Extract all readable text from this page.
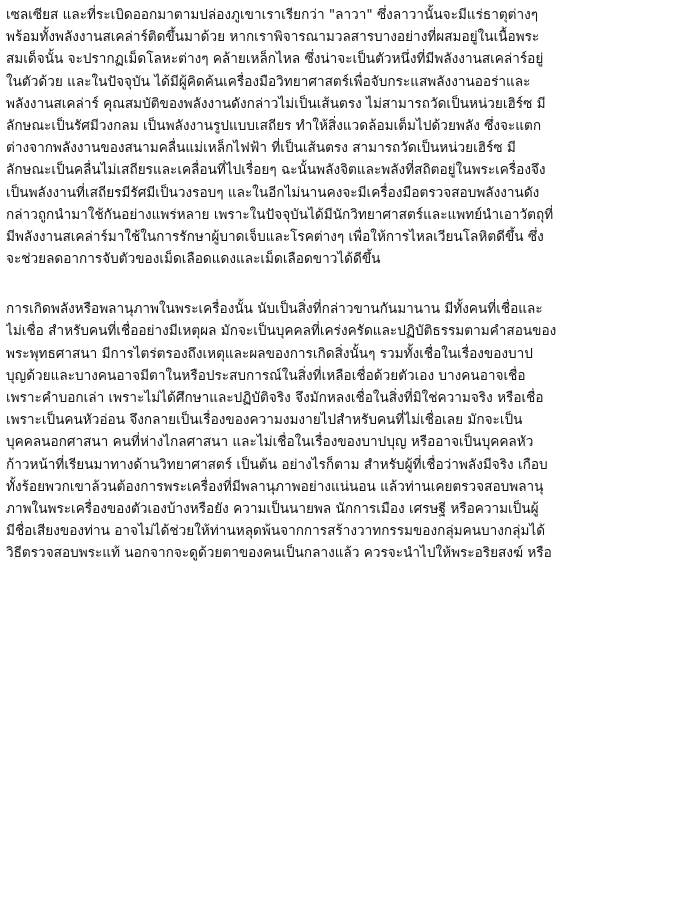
เซลเซียส และที่ระเบิดออกมาตามปล่องภูเขาเราเรียกว่า "ลาวา" ซึ่งลาวานั้นจะมีแร่ธาตุต่างๆ
พร้อมทั้งพลังงานสเคล่าร์ติดขึ้นมาด้วย หากเราพิจารณามวลสารบางอย่างที่ผสมอยู่ในเนื้อพระ
สมเด็จนั้น จะปรากฏเม็ดโลหะต่างๆ คล้ายเหล็กไหล ซึ่งน่าจะเป็นตัวหนึ่งที่มีพลังงานสเคล่าร์อยู่
ในตัวด้วย และในปัจจุบัน ได้มีผู้คิดค้นเครื่องมือวิทยาศาสตร์เพื่อจับกระแสพลังงานออร่าและ
พลังงานสเคล่าร์ คุณสมบัติของพลังงานดังกล่าวไม่เป็นเส้นตรง ไม่สามารถวัดเป็นหน่วยเฮิร์ซ มี
ลักษณะเป็นรัศมีวงกลม เป็นพลังงานรูปแบบเสถียร ทำให้สิ่งแวดล้อมเต็มไปด้วยพลัง ซึ่งจะแตก
ต่างจากพลังงานของสนามคลื่นแม่เหล็กไฟฟ้า ที่เป็นเส้นตรง สามารถวัดเป็นหน่วยเฮิร์ซ มี
ลักษณะเป็นคลื่นไม่เสถียรและเคลื่อนที่ไปเรื่อยๆ ฉะนั้นพลังจิตและพลังที่สถิตอยู่ในพระเครื่องจึง
เป็นพลังงานที่เสถียรมีรัศมีเป็นวงรอบๆ และในอีกไม่นานคงจะมีเครื่องมือตรวจสอบพลังงานดัง
กล่าวถูกนำมาใช้กันอย่างแพร่หลาย เพราะในปัจจุบันได้มีนักวิทยาศาสตร์และแพทย์นำเอาวัตถุที่
มีพลังงานสเคล่าร์มาใช้ในการรักษาผู้บาดเจ็บและโรคต่างๆ เพื่อให้การไหลเวียนโลหิตดีขึ้น ซึ่ง
จะช่วยลดอาการจับตัวของเม็ดเลือดแดงและเม็ดเลือดขาวได้ดีขึ้น
การเกิดพลังหรือพลานุภาพในพระเครื่องนั้น นับเป็นสิ่งที่กล่าวขานกันมานาน มีทั้งคนที่เชื่อและ
ไม่เชื่อ สำหรับคนที่เชื่ออย่างมีเหตุผล มักจะเป็นบุคคลที่เคร่งครัดและปฏิบัติธรรมตามคำสอนของ
พระพุทธศาสนา มีการไตร่ตรองถึงเหตุและผลของการเกิดสิ่งนั้นๆ รวมทั้งเชื่อในเรื่องของบาป
บุญด้วยและบางคนอาจมีตาในหรือประสบการณ์ในสิ่งที่เหลือเชื่อด้วยตัวเอง บางคนอาจเชื่อ
เพราะคำบอกเล่า เพราะไม่ได้ศึกษาและปฏิบัติจริง จึงมักหลงเชื่อในสิ่งที่มิใช่ความจริง หรือเชื่อ
เพราะเป็นคนหัวอ่อน จึงกลายเป็นเรื่องของความงมงายไปสำหรับคนที่ไม่เชื่อเลย มักจะเป็น
บุคคลนอกศาสนา คนที่ห่างไกลศาสนา และไม่เชื่อในเรื่องของบาปบุญ หรืออาจเป็นบุคคลหัว
ก้าวหน้าที่เรียนมาทางด้านวิทยาศาสตร์ เป็นต้น อย่างไรก็ตาม สำหรับผู้ที่เชื่อว่าพลังมีจริง เกือบ
ทั้งร้อยพวกเขาล้วนต้องการพระเครื่องที่มีพลานุภาพอย่างแน่นอน แล้วท่านเคยตรวจสอบพลานุ
ภาพในพระเครื่องของตัวเองบ้างหรือยัง ความเป็นนายพล นักการเมือง เศรษฐี หรือความเป็นผู้
มีชื่อเสียงของท่าน อาจไม่ได้ช่วยให้ท่านหลุดพ้นจากการสร้างวาทกรรมของกลุ่มคนบางกลุ่มได้
วิธีตรวจสอบพระแท้ นอกจากจะดูด้วยตาของคนเป็นกลางแล้ว ควรจะนำไปให้พระอริยสงฆ์ หรือ
